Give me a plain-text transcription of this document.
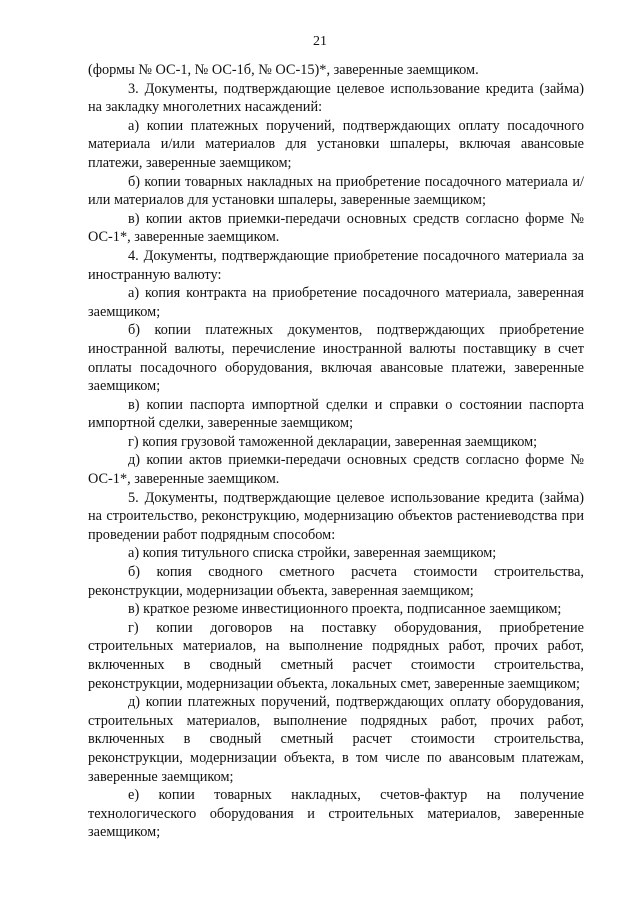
21

(формы № ОС-1, № ОС-1б, № ОС-15)*, заверенные заемщиком.

3. Документы, подтверждающие целевое использование кредита (займа) на закладку многолетних насаждений:

а) копии платежных поручений, подтверждающих оплату посадочного материала и/или материалов для установки шпалеры, включая авансовые платежи, заверенные заемщиком;

б) копии товарных накладных на приобретение посадочного материала и/или материалов для установки шпалеры, заверенные заемщиком;

в) копии актов приемки-передачи основных средств согласно форме № ОС-1*, заверенные заемщиком.

4. Документы, подтверждающие приобретение посадочного материала за иностранную валюту:

а) копия контракта на приобретение посадочного материала, заверенная заемщиком;

б) копии платежных документов, подтверждающих приобретение иностранной валюты, перечисление иностранной валюты поставщику в счет оплаты посадочного оборудования, включая авансовые платежи, заверенные заемщиком;

в) копии паспорта импортной сделки и справки о состоянии паспорта импортной сделки, заверенные заемщиком;

г) копия грузовой таможенной декларации, заверенная заемщиком;

д) копии актов приемки-передачи основных средств согласно форме № ОС-1*, заверенные заемщиком.

5. Документы, подтверждающие целевое использование кредита (займа) на строительство, реконструкцию, модернизацию объектов растениеводства при проведении работ подрядным способом:

а) копия титульного списка стройки, заверенная заемщиком;

б) копия сводного сметного расчета стоимости строительства, реконструкции, модернизации объекта, заверенная заемщиком;

в) краткое резюме инвестиционного проекта, подписанное заемщиком;

г) копии договоров на поставку оборудования, приобретение строительных материалов, на выполнение подрядных работ, прочих работ, включенных в сводный сметный расчет стоимости строительства, реконструкции, модернизации объекта, локальных смет, заверенные заемщиком;

д) копии платежных поручений, подтверждающих оплату оборудования, строительных материалов, выполнение подрядных работ, прочих работ, включенных в сводный сметный расчет стоимости строительства, реконструкции, модернизации объекта, в том числе по авансовым платежам, заверенные заемщиком;

е) копии товарных накладных, счетов-фактур на получение технологического оборудования и строительных материалов, заверенные заемщиком;
